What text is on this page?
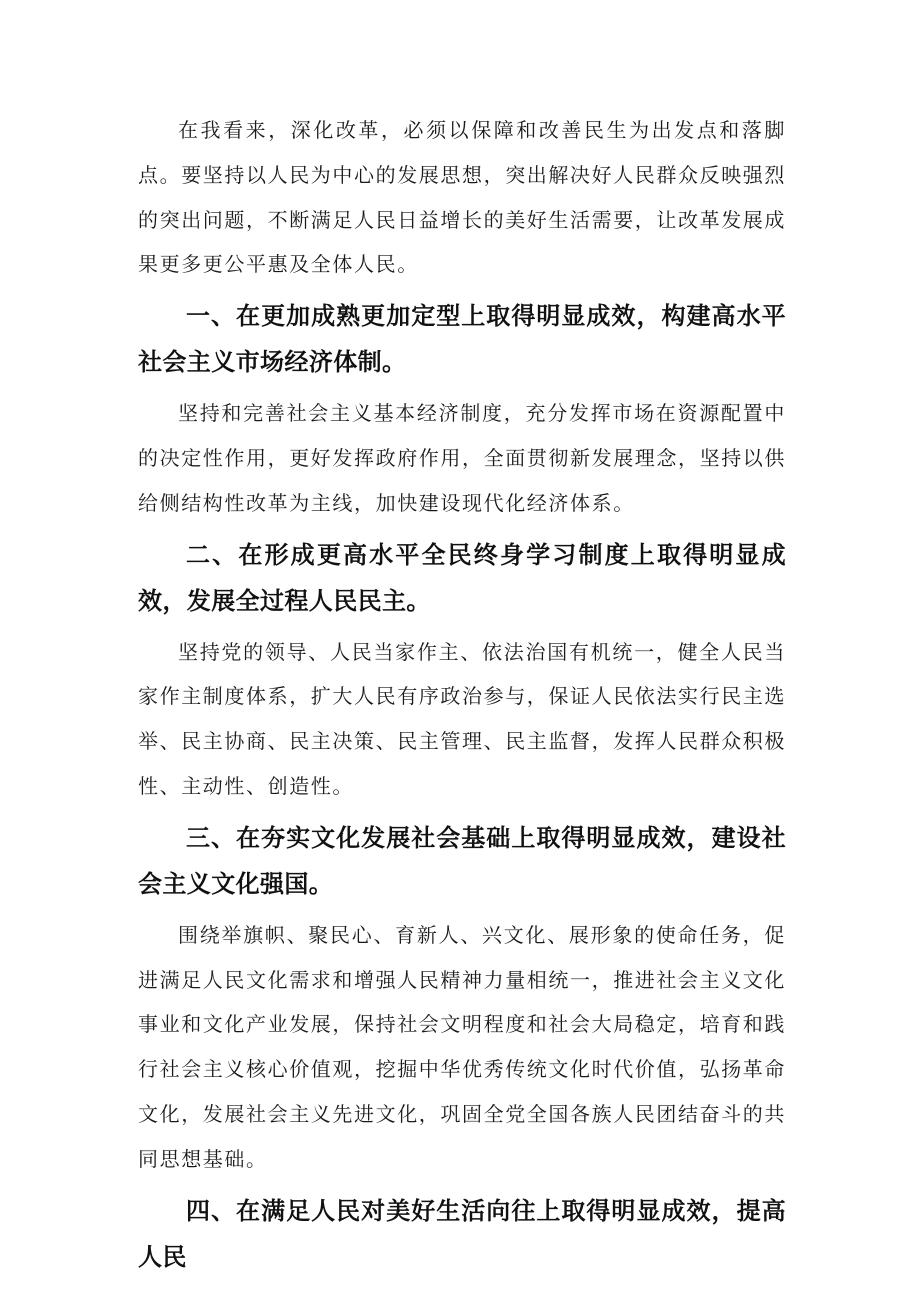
在我看来，深化改革，必须以保障和改善民生为出发点和落脚点。要坚持以人民为中心的发展思想，突出解决好人民群众反映强烈的突出问题，不断满足人民日益增长的美好生活需要，让改革发展成果更多更公平惠及全体人民。

一、在更加成熟更加定型上取得明显成效，构建高水平社会主义市场经济体制。

坚持和完善社会主义基本经济制度，充分发挥市场在资源配置中的决定性作用，更好发挥政府作用，全面贯彻新发展理念，坚持以供给侧结构性改革为主线，加快建设现代化经济体系。

二、在形成更高水平全民终身学习制度上取得明显成效，发展全过程人民民主。

坚持党的领导、人民当家作主、依法治国有机统一，健全人民当家作主制度体系，扩大人民有序政治参与，保证人民依法实行民主选举、民主协商、民主决策、民主管理、民主监督，发挥人民群众积极性、主动性、创造性。

三、在夯实文化发展社会基础上取得明显成效，建设社会主义文化强国。

围绕举旗帜、聚民心、育新人、兴文化、展形象的使命任务，促进满足人民文化需求和增强人民精神力量相统一，推进社会主义文化事业和文化产业发展，保持社会文明程度和社会大局稳定，培育和践行社会主义核心价值观，挖掘中华优秀传统文化时代价值，弘扬革命文化，发展社会主义先进文化，巩固全党全国各族人民团结奋斗的共同思想基础。

四、在满足人民对美好生活向往上取得明显成效，提高人民
